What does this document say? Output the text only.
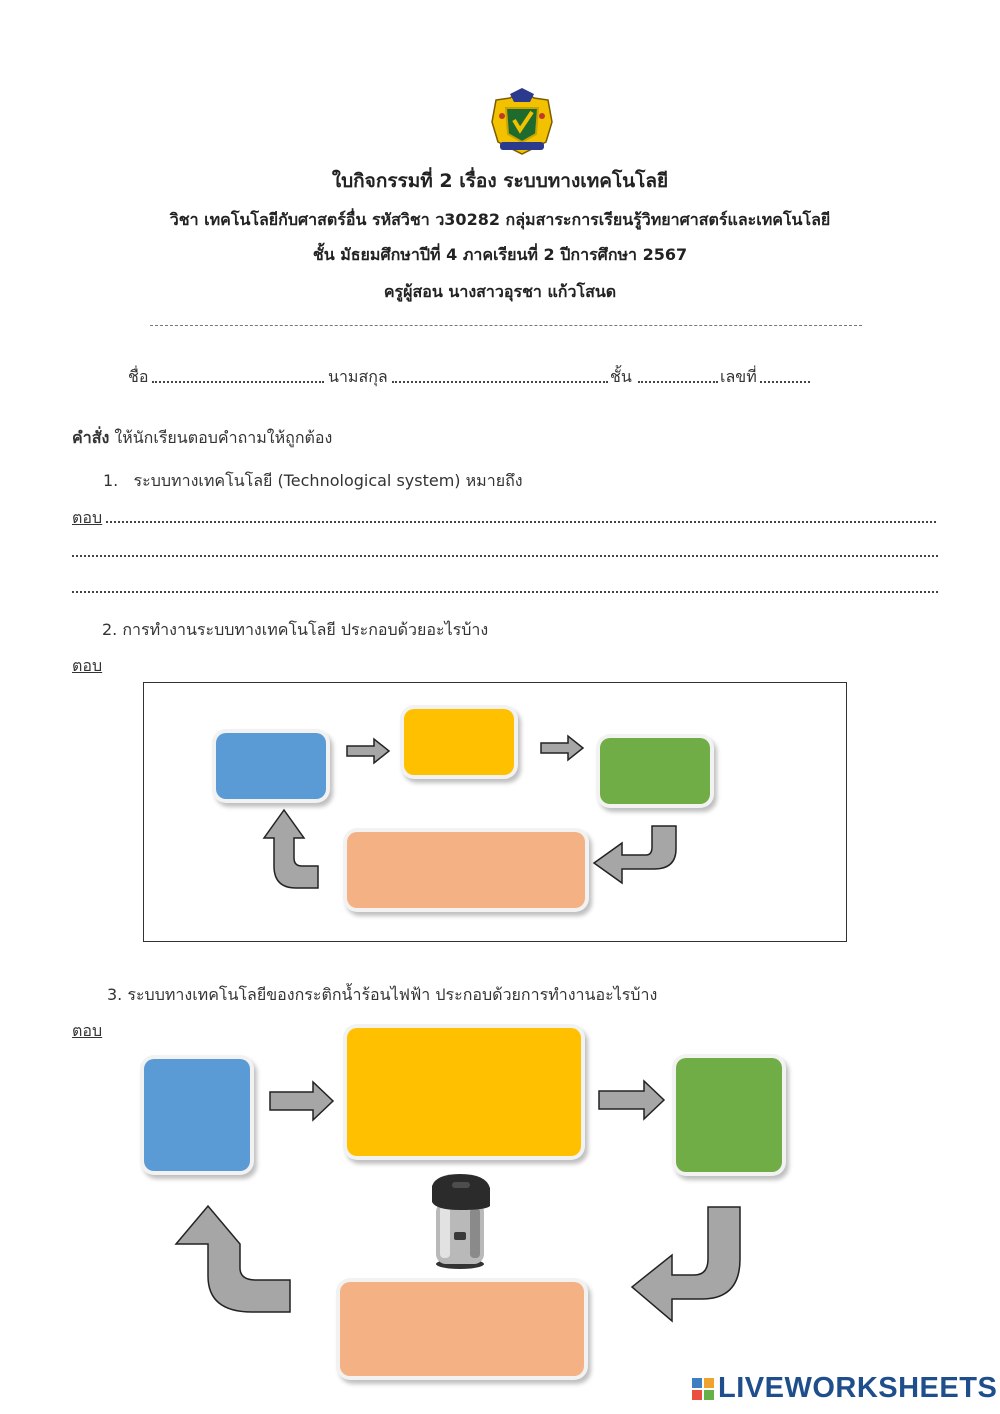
ใบกิจกรรมที่ 2 เรื่อง ระบบทางเทคโนโลยี
วิชา เทคโนโลยีกับศาสตร์อื่น รหัสวิชา ว30282 กลุ่มสาระการเรียนรู้วิทยาศาสตร์และเทคโนโลยี
ชั้น มัธยมศึกษาปีที่ 4 ภาคเรียนที่ 2 ปีการศึกษา 2567
ครูผู้สอน นางสาวอุรชา แก้วโสนด
ชื่อ	นามสกุล	ชั้น	เลขที่
คำสั่ง ให้นักเรียนตอบคำถามให้ถูกต้อง
1. ระบบทางเทคโนโลยี (Technological system) หมายถึง
ตอบ
2. การทำงานระบบทางเทคโนโลยี ประกอบด้วยอะไรบ้าง
ตอบ
3. ระบบทางเทคโนโลยีของกระติกน้ำร้อนไฟฟ้า ประกอบด้วยการทำงานอะไรบ้าง
ตอบ
LIVEWORKSHEETS
